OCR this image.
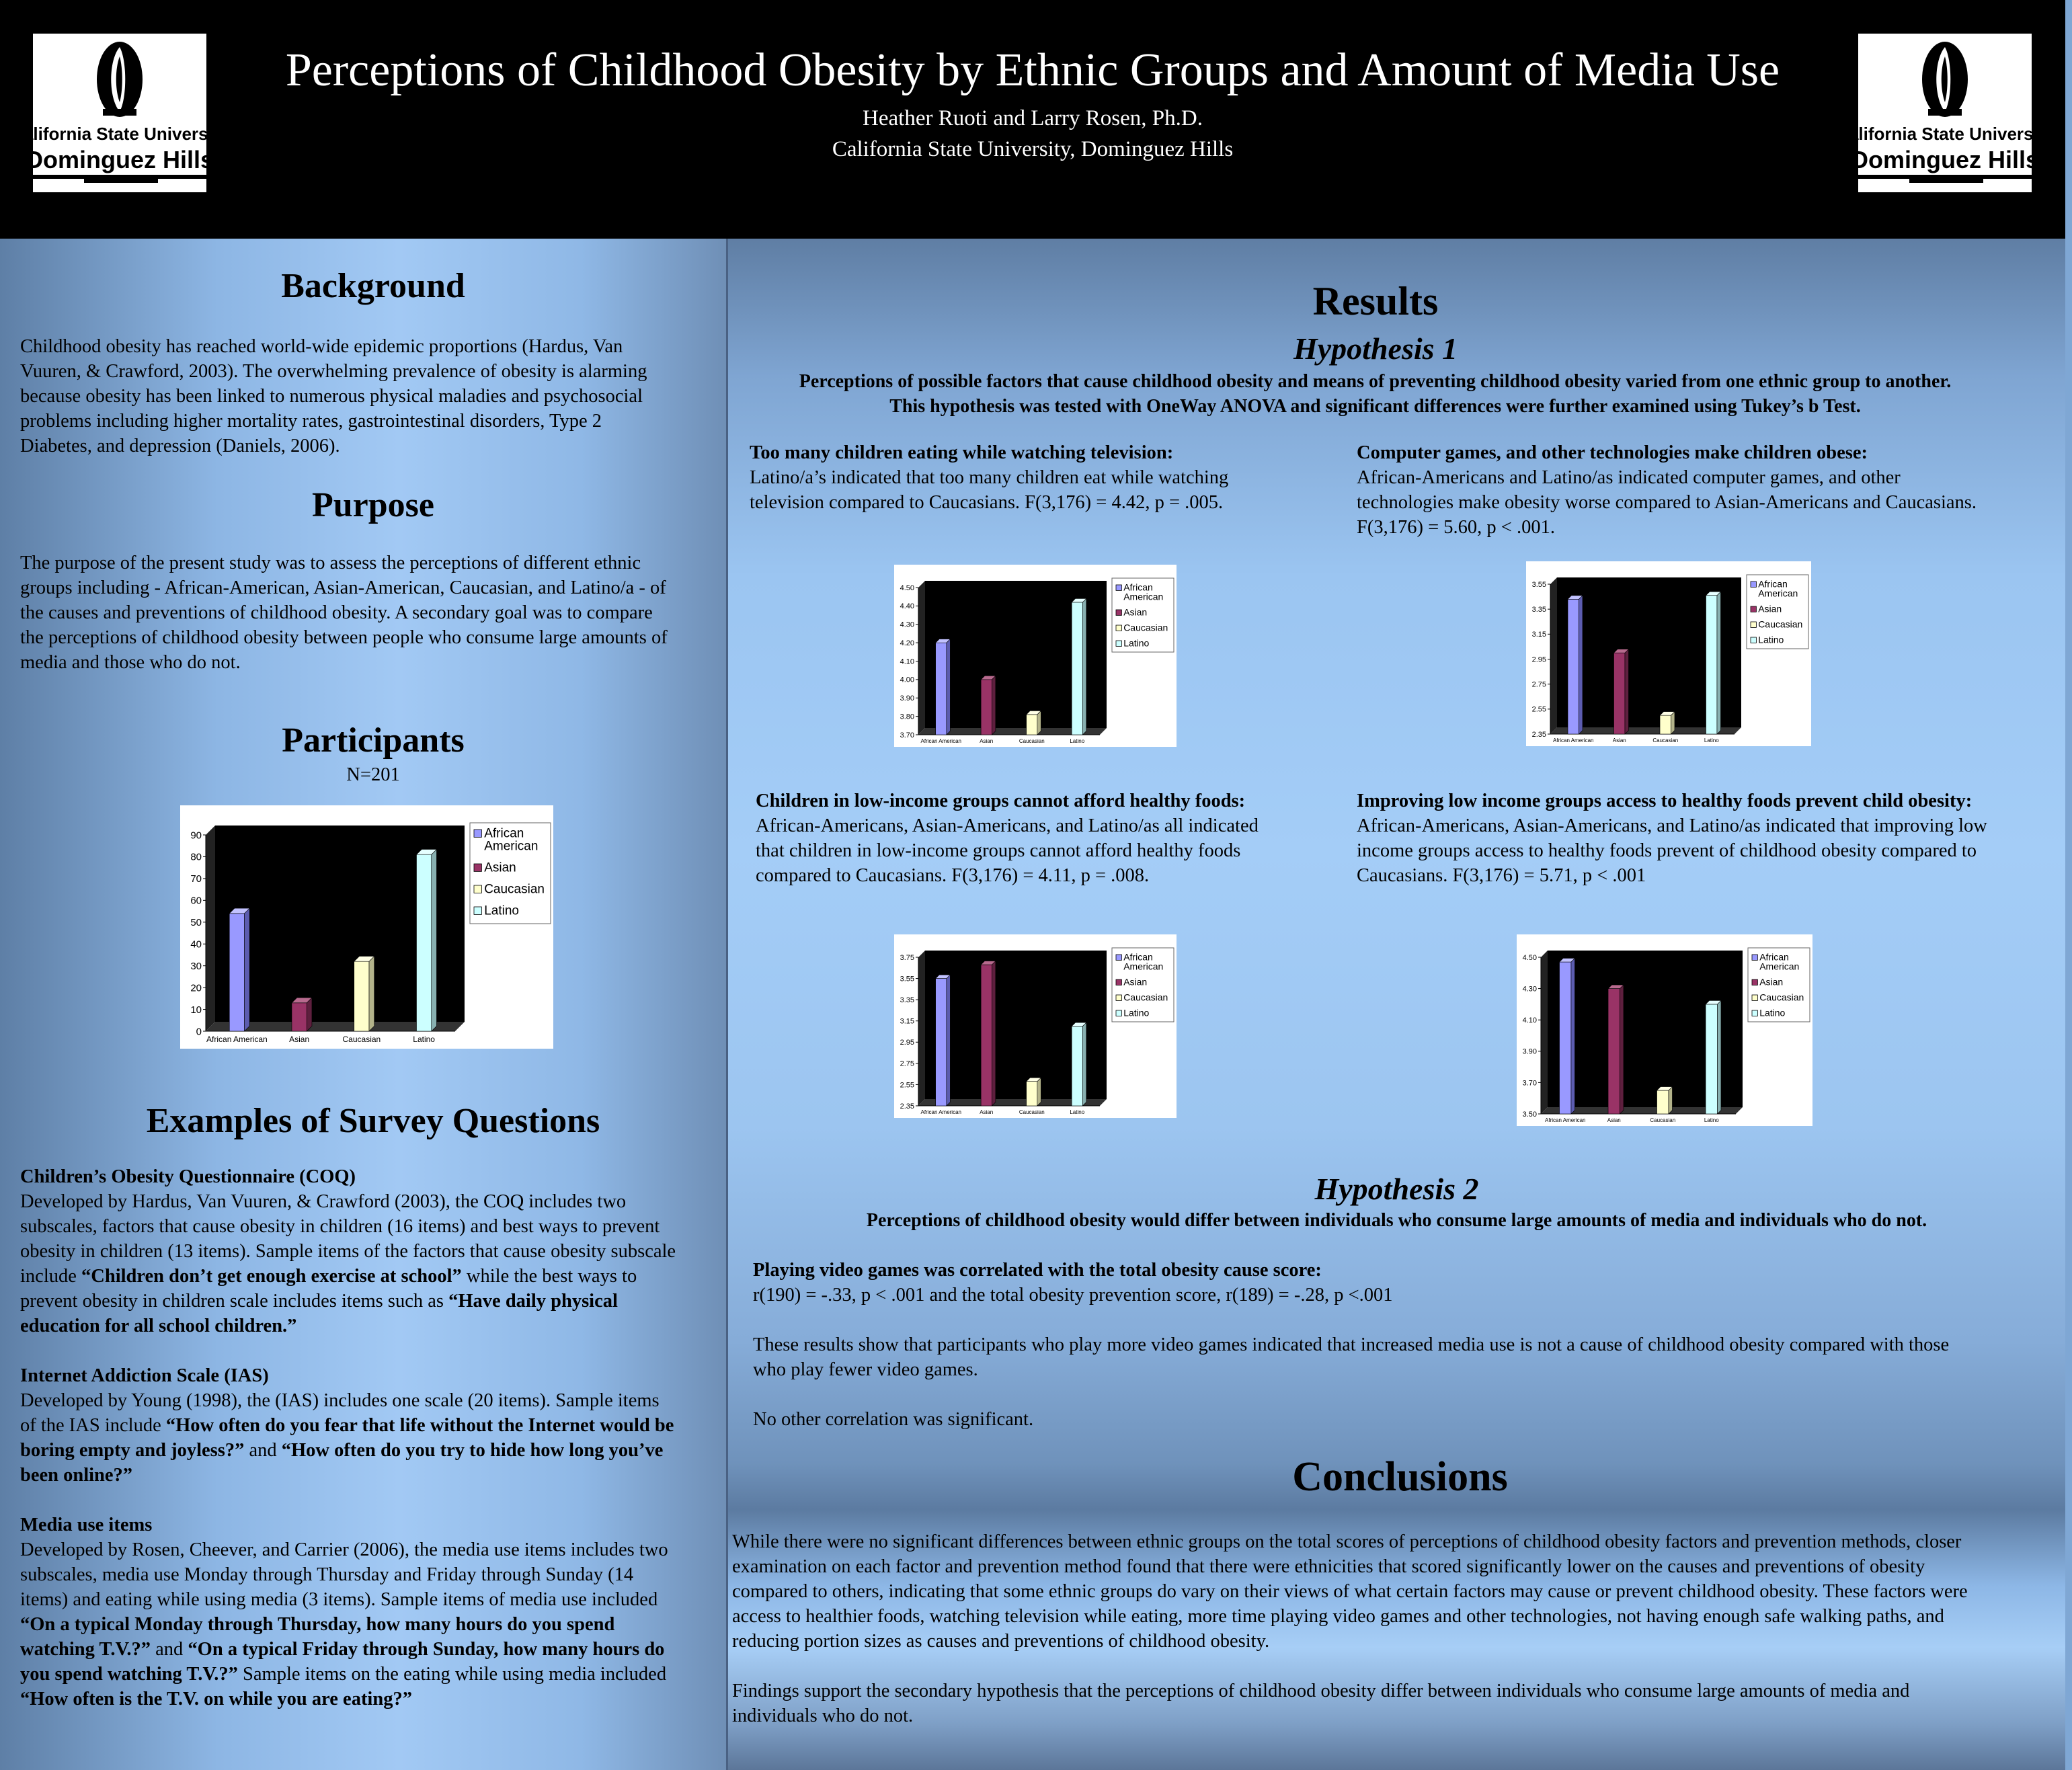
California State University
Dominguez Hills
Perceptions of Childhood Obesity by Ethnic Groups and Amount of Media Use
Heather Ruoti and Larry Rosen, Ph.D.
California State University, Dominguez Hills
California State University
Dominguez Hills
Background
Childhood obesity has reached world-wide epidemic proportions (Hardus, Van
Vuuren, & Crawford, 2003). The overwhelming prevalence of obesity is alarming
because obesity has been linked to numerous physical maladies and psychosocial
problems including higher mortality rates, gastrointestinal disorders, Type 2
Diabetes, and depression (Daniels, 2006).
Purpose
The purpose of the present study was to assess the perceptions of different ethnic
groups including - African-American, Asian-American, Caucasian, and Latino/a - of
the causes and preventions of childhood obesity. A secondary goal was to compare
the perceptions of childhood obesity between people who consume large amounts of
media and those who do not.
Participants
N=201
0
10
20
30
40
50
60
70
80
90
African American	Asian	Caucasian	Latino
African
American
Asian
Caucasian
Latino
Examples of Survey Questions
Children’s Obesity Questionnaire (COQ)
Developed by Hardus, Van Vuuren, & Crawford (2003), the COQ includes two
subscales, factors that cause obesity in children (16 items) and best ways to prevent
obesity in children (13 items). Sample items of the factors that cause obesity subscale
include “Children don’t get enough exercise at school” while the best ways to
prevent obesity in children scale includes items such as “Have daily physical
education for all school children.”
Internet Addiction Scale (IAS)
Developed by Young (1998), the (IAS) includes one scale (20 items). Sample items
of the IAS include “How often do you fear that life without the Internet would be
boring empty and joyless?” and “How often do you try to hide how long you’ve
been online?”
Media use items
Developed by Rosen, Cheever, and Carrier (2006), the media use items includes two
subscales, media use Monday through Thursday and Friday through Sunday (14
items) and eating while using media (3 items). Sample items of media use included
“On a typical Monday through Thursday, how many hours do you spend
watching T.V.?” and “On a typical Friday through Sunday, how many hours do
you spend watching T.V.?” Sample items on the eating while using media included
“How often is the T.V. on while you are eating?”
Results
Hypothesis 1
Perceptions of possible factors that cause childhood obesity and means of preventing childhood obesity varied from one ethnic group to another.
This hypothesis was tested with OneWay ANOVA and significant differences were further examined using Tukey’s b Test.
Too many children eating while watching television:
Latino/a’s indicated that too many children eat while watching
television compared to Caucasians. F(3,176) = 4.42, p = .005.
Computer games, and other technologies make children obese:
African-Americans and Latino/as indicated computer games, and other
technologies make obesity worse compared to Asian-Americans and Caucasians.
F(3,176) = 5.60, p < .001.
3.70
3.80
3.90
4.00
4.10
4.20
4.30
4.40
4.50
African American	Asian	Caucasian	Latino
African
American
Asian
Caucasian
Latino
2.35
2.55
2.75
2.95
3.15
3.35
3.55
African American	Asian	Caucasian	Latino
African
American
Asian
Caucasian
Latino
Children in low-income groups cannot afford healthy foods:
African-Americans, Asian-Americans, and Latino/as all indicated
that children in low-income groups cannot afford healthy foods
compared to Caucasians. F(3,176) = 4.11, p = .008.
Improving low income groups access to healthy foods prevent child obesity:
African-Americans, Asian-Americans, and Latino/as indicated that improving low
income groups access to healthy foods prevent of childhood obesity compared to
Caucasians. F(3,176) = 5.71, p < .001
2.35
2.55
2.75
2.95
3.15
3.35
3.55
3.75
African American	Asian	Caucasian	Latino
African
American
Asian
Caucasian
Latino
3.50
3.70
3.90
4.10
4.30
4.50
African American	Asian	Caucasian	Latino
African
American
Asian
Caucasian
Latino
Hypothesis 2
Perceptions of childhood obesity would differ between individuals who consume large amounts of media and individuals who do not.
Playing video games was correlated with the total obesity cause score:
r(190) = -.33, p < .001 and the total obesity prevention score, r(189) = -.28, p <.001
These results show that participants who play more video games indicated that increased media use is not a cause of childhood obesity compared with those
who play fewer video games.
No other correlation was significant.
Conclusions
While there were no significant differences between ethnic groups on the total scores of perceptions of childhood obesity factors and prevention methods, closer
examination on each factor and prevention method found that there were ethnicities that scored significantly lower on the causes and preventions of obesity
compared to others, indicating that some ethnic groups do vary on their views of what certain factors may cause or prevent childhood obesity. These factors were
access to healthier foods, watching television while eating, more time playing video games and other technologies, not having enough safe walking paths, and
reducing portion sizes as causes and preventions of childhood obesity.
Findings support the secondary hypothesis that the perceptions of childhood obesity differ between individuals who consume large amounts of media and
individuals who do not.
